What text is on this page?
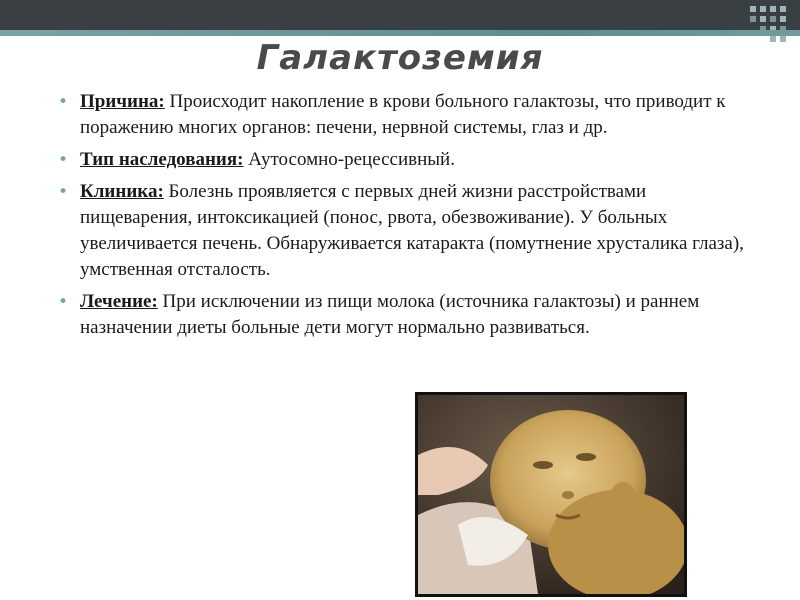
Галактоземия
• Причина: Происходит накопление в крови больного галактозы, что приводит к поражению многих органов: печени, нервной системы, глаз и др.
• Тип наследования: Аутосомно-рецессивный.
• Клиника: Болезнь проявляется с первых дней жизни расстройствами пищеварения, интоксикацией (понос, рвота, обезвоживание). У больных увеличивается печень. Обнаруживается катаракта (помутнение хрусталика глаза), умственная отсталость.
• Лечение: При исключении из пищи молока (источника галактозы) и раннем назначении диеты больные дети могут нормально развиваться.
